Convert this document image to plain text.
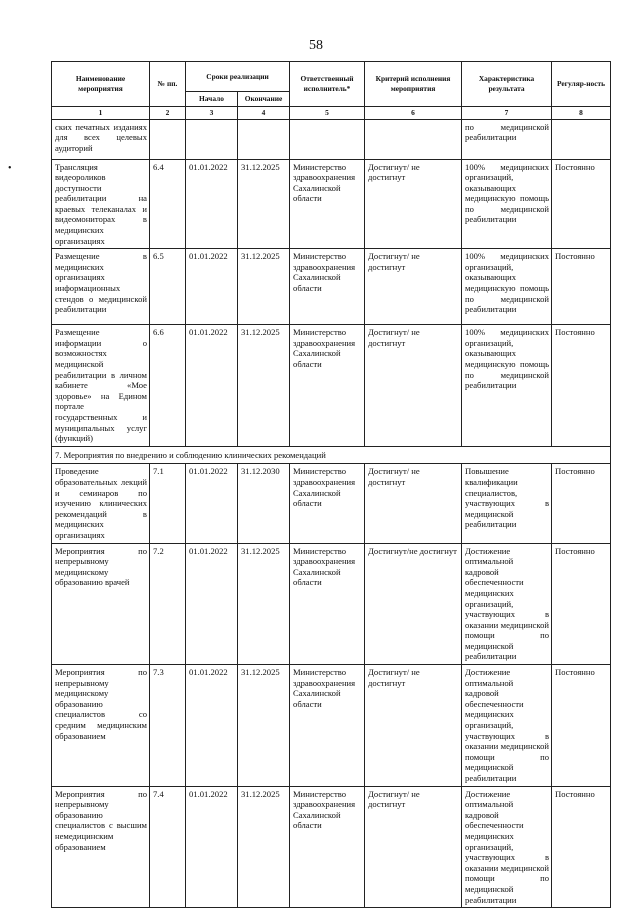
58
•
Наименование мероприятия	№ пп.	Сроки реализации		Ответственный исполнитель*	Критерий исполнения мероприятия	Характеристика результата	Регуляр-ность
		Начало	Окончание				
1	2	3	4	5	6	7	8
ских печатных изданиях для всех целевых аудиторий						по медицинской реабилитации	
Трансляция видеороликов доступности реабилитации на краевых телеканалах и видеомониторах в медицинских организациях	6.4	01.01.2022	31.12.2025	Министерство здравоохранения Сахалинской области	Достигнут/ не достигнут	100% медицинских организаций, оказывающих медицинскую помощь по медицинской реабилитации	Постоянно
Размещение в медицинских организациях информационных стендов о медицинской реабилитации	6.5	01.01.2022	31.12.2025	Министерство здравоохранения Сахалинской области	Достигнут/ не достигнут	100% медицинских организаций, оказывающих медицинскую помощь по медицинской реабилитации	Постоянно
Размещение информации о возможностях медицинской реабилитации в личном кабинете «Мое здоровье» на Едином портале государственных и муниципальных услуг (функций)	6.6	01.01.2022	31.12.2025	Министерство здравоохранения Сахалинской области	Достигнут/ не достигнут	100% медицинских организаций, оказывающих медицинскую помощь по медицинской реабилитации	Постоянно
7. Мероприятия по внедрению и соблюдению клинических рекомендаций							
Проведение образовательных лекций и семинаров по изучению клинических рекомендаций в медицинских организациях	7.1	01.01.2022	31.12.2030	Министерство здравоохранения Сахалинской области	Достигнут/ не достигнут	Повышение квалификации специалистов, участвующих в медицинской реабилитации	Постоянно
Мероприятия по непрерывному медицинскому образованию врачей	7.2	01.01.2022	31.12.2025	Министерство здравоохранения Сахалинской области	Достигнут/не достигнут	Достижение оптимальной кадровой обеспеченности медицинских организаций, участвующих в оказании медицинской помощи по медицинской реабилитации	Постоянно
Мероприятия по непрерывному медицинскому образованию специалистов со средним медицинским образованием	7.3	01.01.2022	31.12.2025	Министерство здравоохранения Сахалинской области	Достигнут/ не достигнут	Достижение оптимальной кадровой обеспеченности медицинских организаций, участвующих в оказании медицинской помощи по медицинской реабилитации	Постоянно
Мероприятия по непрерывному образованию специалистов с высшим немедицинским образованием	7.4	01.01.2022	31.12.2025	Министерство здравоохранения Сахалинской области	Достигнут/ не достигнут	Достижение оптимальной кадровой обеспеченности медицинских организаций, участвующих в оказании медицинской помощи по медицинской реабилитации	Постоянно
